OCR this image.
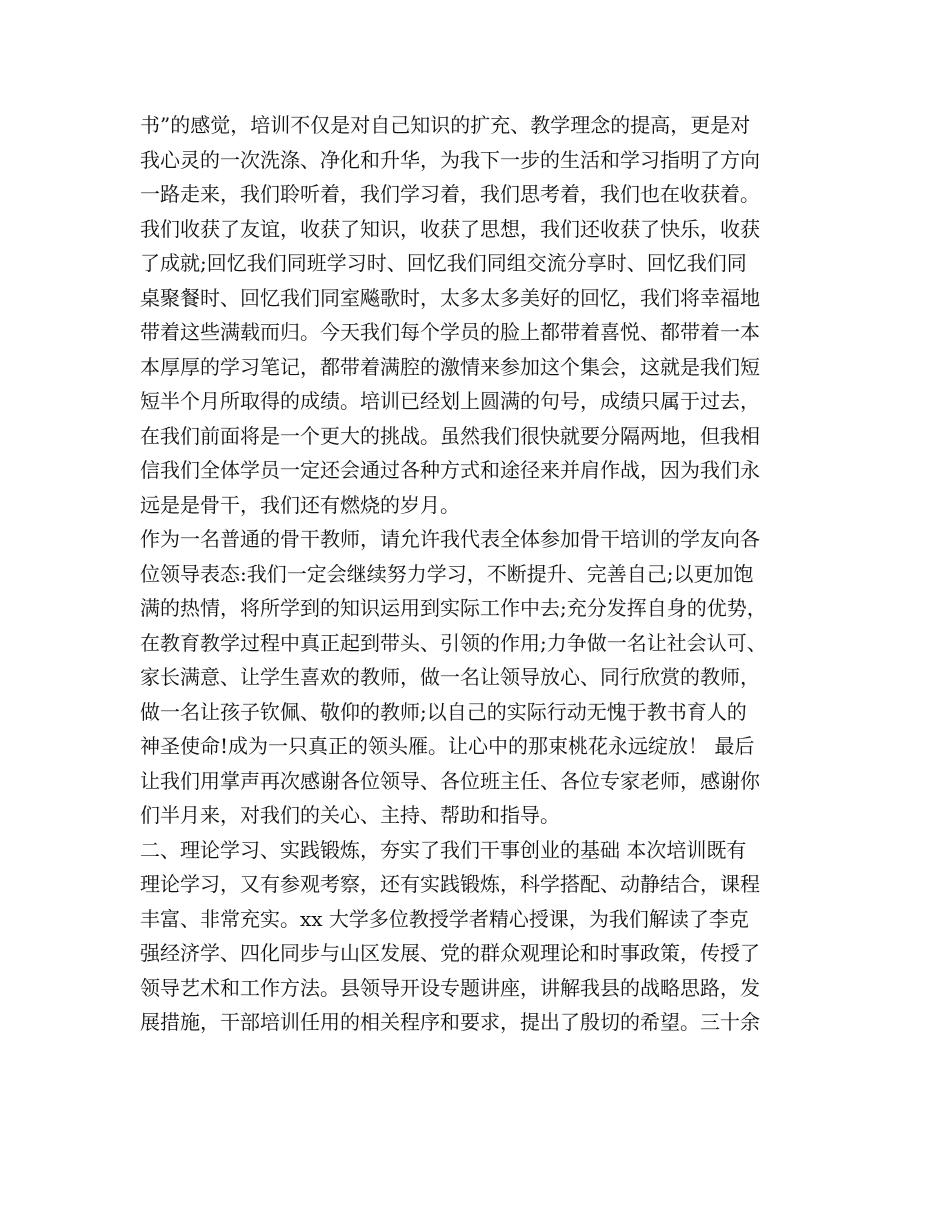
书”的感觉，培训不仅是对自己知识的扩充、教学理念的提高，更是对
我心灵的一次洗涤、净化和升华，为我下一步的生活和学习指明了方向
一路走来，我们聆听着，我们学习着，我们思考着，我们也在收获着。
我们收获了友谊，收获了知识，收获了思想，我们还收获了快乐，收获
了成就;回忆我们同班学习时、回忆我们同组交流分享时、回忆我们同
桌聚餐时、回忆我们同室飚歌时，太多太多美好的回忆，我们将幸福地
带着这些满载而归。今天我们每个学员的脸上都带着喜悦、都带着一本
本厚厚的学习笔记，都带着满腔的激情来参加这个集会，这就是我们短
短半个月所取得的成绩。培训已经划上圆满的句号，成绩只属于过去，
在我们前面将是一个更大的挑战。虽然我们很快就要分隔两地，但我相
信我们全体学员一定还会通过各种方式和途径来并肩作战，因为我们永
远是是骨干，我们还有燃烧的岁月。
作为一名普通的骨干教师，请允许我代表全体参加骨干培训的学友向各
位领导表态:我们一定会继续努力学习，不断提升、完善自己;以更加饱
满的热情，将所学到的知识运用到实际工作中去;充分发挥自身的优势，
在教育教学过程中真正起到带头、引领的作用;力争做一名让社会认可、
家长满意、让学生喜欢的教师，做一名让领导放心、同行欣赏的教师，
做一名让孩子钦佩、敬仰的教师;以自己的实际行动无愧于教书育人的
神圣使命!成为一只真正的领头雁。让心中的那束桃花永远绽放！ 最后
让我们用掌声再次感谢各位领导、各位班主任、各位专家老师，感谢你
们半月来，对我们的关心、主持、帮助和指导。
二、理论学习、实践锻炼，夯实了我们干事创业的基础 本次培训既有
理论学习，又有参观考察，还有实践锻炼，科学搭配、动静结合，课程
丰富、非常充实。xx 大学多位教授学者精心授课，为我们解读了李克
强经济学、四化同步与山区发展、党的群众观理论和时事政策，传授了
领导艺术和工作方法。县领导开设专题讲座，讲解我县的战略思路，发
展措施，干部培训任用的相关程序和要求，提出了殷切的希望。三十余
